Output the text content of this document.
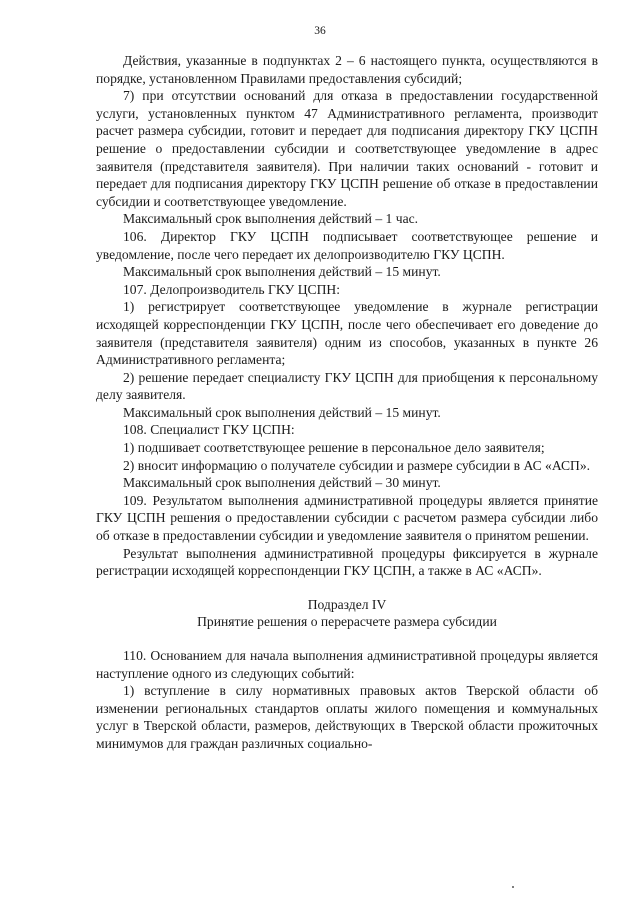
36

Действия, указанные в подпунктах 2 – 6 настоящего пункта, осуществляются в порядке, установленном Правилами предоставления субсидий;

7) при отсутствии оснований для отказа в предоставлении государственной услуги, установленных пунктом 47 Административного регламента, производит расчет размера субсидии, готовит и передает для подписания директору ГКУ ЦСПН решение о предоставлении субсидии и соответствующее уведомление в адрес заявителя (представителя заявителя). При наличии таких оснований - готовит и передает для подписания директору ГКУ ЦСПН решение об отказе в предоставлении субсидии и соответствующее уведомление.

Максимальный срок выполнения действий – 1 час.

106. Директор ГКУ ЦСПН подписывает соответствующее решение и уведомление, после чего передает их делопроизводителю ГКУ ЦСПН.

Максимальный срок выполнения действий – 15 минут.

107. Делопроизводитель ГКУ ЦСПН:

1) регистрирует соответствующее уведомление в журнале регистрации исходящей корреспонденции ГКУ ЦСПН, после чего обеспечивает его доведение до заявителя (представителя заявителя) одним из способов, указанных в пункте 26 Административного регламента;

2) решение передает специалисту ГКУ ЦСПН для приобщения к персональному делу заявителя.

Максимальный срок выполнения действий – 15 минут.

108. Специалист ГКУ ЦСПН:

1) подшивает соответствующее решение в персональное дело заявителя;

2) вносит информацию о получателе субсидии и размере субсидии в АС «АСП».

Максимальный срок выполнения действий – 30 минут.

109. Результатом выполнения административной процедуры является принятие ГКУ ЦСПН решения о предоставлении субсидии с расчетом размера субсидии либо об отказе в предоставлении субсидии и уведомление заявителя о принятом решении.

Результат выполнения административной процедуры фиксируется в журнале регистрации исходящей корреспонденции ГКУ ЦСПН, а также в АС «АСП».

Подраздел IV

Принятие решения о перерасчете размера субсидии

110. Основанием для начала выполнения административной процедуры является наступление одного из следующих событий:

1) вступление в силу нормативных правовых актов Тверской области об изменении региональных стандартов оплаты жилого помещения и коммунальных услуг в Тверской области, размеров, действующих в Тверской области прожиточных минимумов для граждан различных социально-
